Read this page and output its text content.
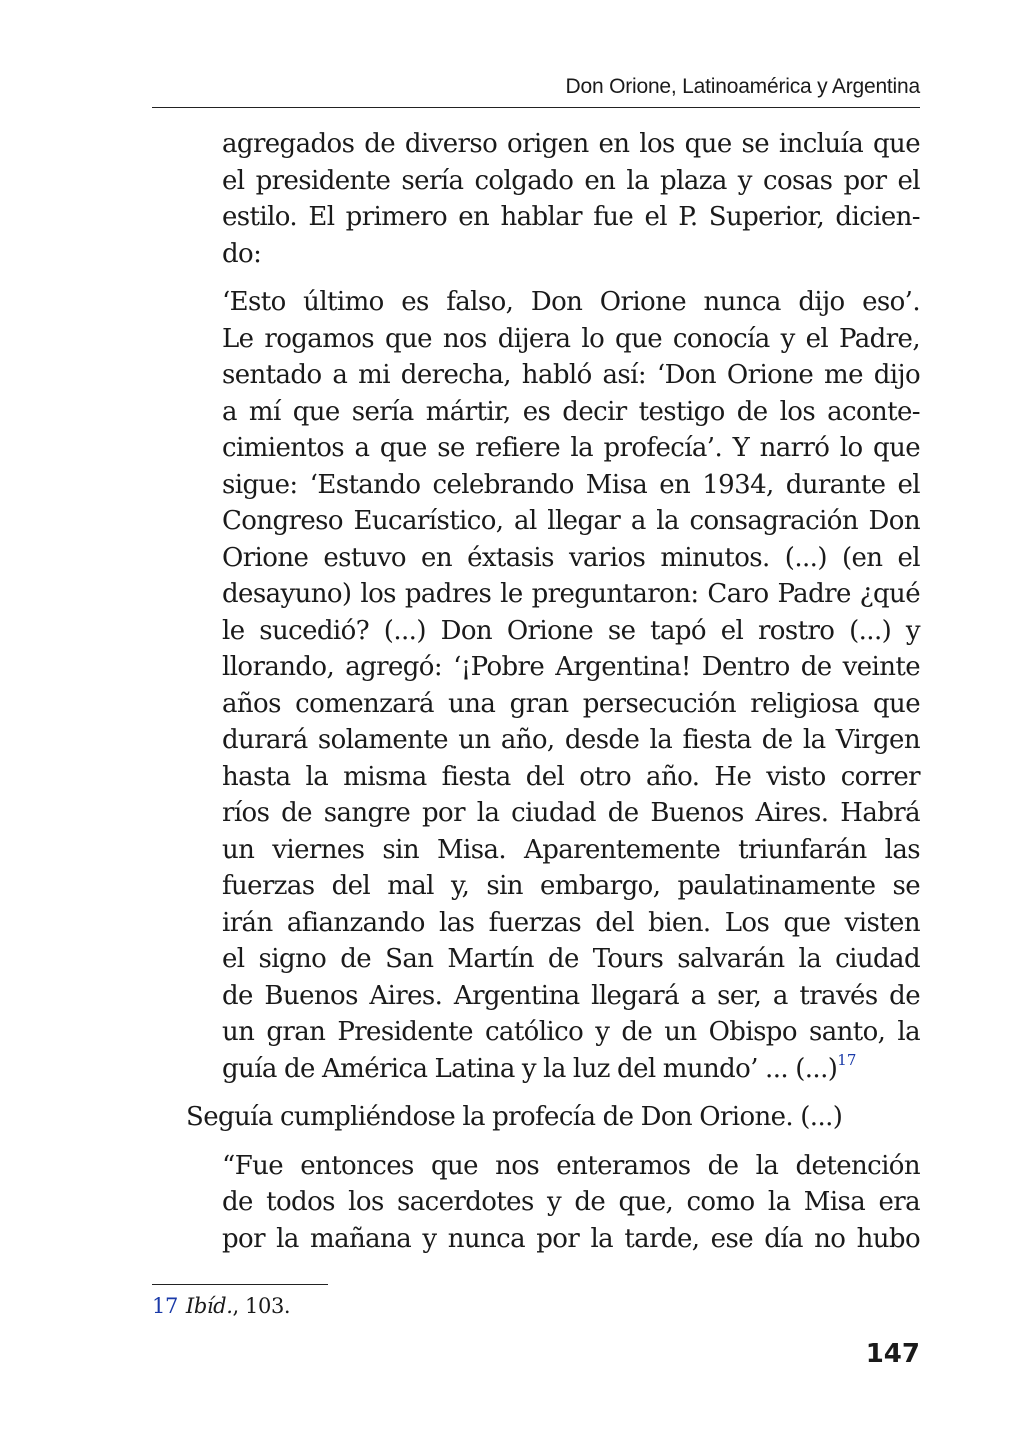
Don Orione, Latinoamérica y Argentina
agregados de diverso origen en los que se incluía que
el presidente sería colgado en la plaza y cosas por el
estilo. El primero en hablar fue el P. Superior, dicien-
do:
‘Esto último es falso, Don Orione nunca dijo eso’.
Le rogamos que nos dijera lo que conocía y el Padre,
sentado a mi derecha, habló así: ‘Don Orione me dijo
a mí que sería mártir, es decir testigo de los aconte-
cimientos a que se refiere la profecía’. Y narró lo que
sigue: ‘Estando celebrando Misa en 1934, durante el
Congreso Eucarístico, al llegar a la consagración Don
Orione estuvo en éxtasis varios minutos. (...) (en el
desayuno) los padres le preguntaron: Caro Padre ¿qué
le sucedió? (...) Don Orione se tapó el rostro (...) y
llorando, agregó: ‘¡Pobre Argentina! Dentro de veinte
años comenzará una gran persecución religiosa que
durará solamente un año, desde la fiesta de la Virgen
hasta la misma fiesta del otro año. He visto correr
ríos de sangre por la ciudad de Buenos Aires. Habrá
un viernes sin Misa. Aparentemente triunfarán las
fuerzas del mal y, sin embargo, paulatinamente se
irán afianzando las fuerzas del bien. Los que visten
el signo de San Martín de Tours salvarán la ciudad
de Buenos Aires. Argentina llegará a ser, a través de
un gran Presidente católico y de un Obispo santo, la
guía de América Latina y la luz del mundo’ ... (...)$^{17}$
Seguía cumpliéndose la profecía de Don Orione. (...)
“Fue entonces que nos enteramos de la detención
de todos los sacerdotes y de que, como la Misa era
por la mañana y nunca por la tarde, ese día no hubo
17 Ibíd., 103.
147
